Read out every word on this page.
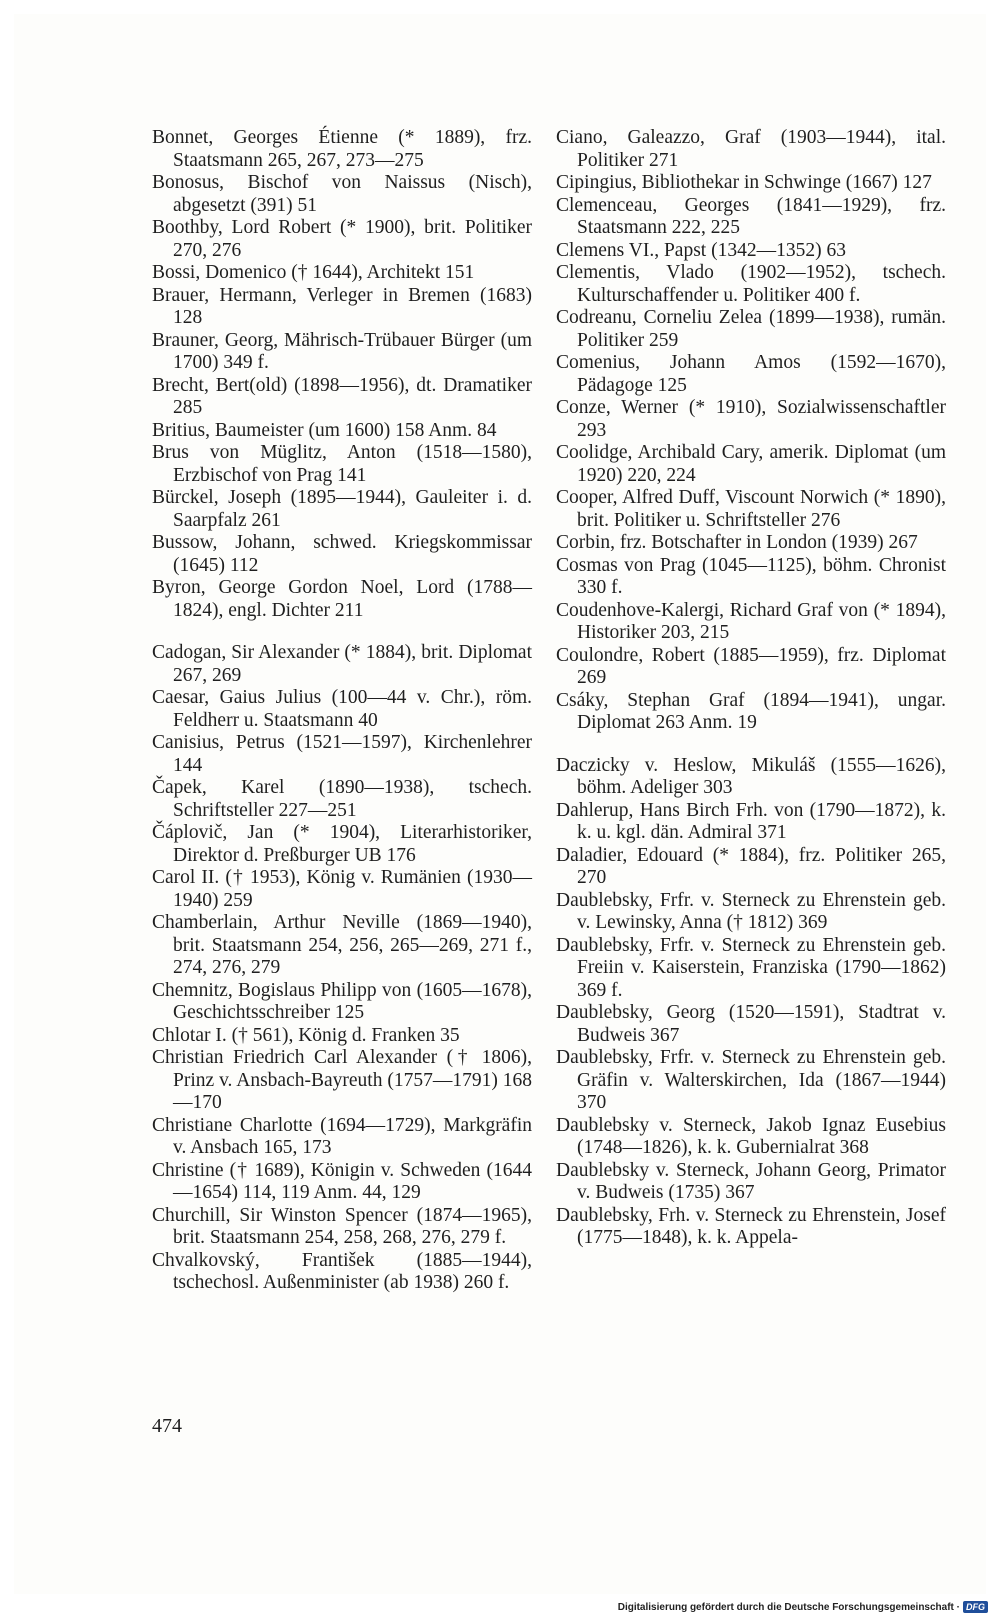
Bonnet, Georges Étienne (* 1889), frz. Staatsmann 265, 267, 273—275

Bonosus, Bischof von Naissus (Nisch), abgesetzt (391) 51

Boothby, Lord Robert (* 1900), brit. Politiker 270, 276

Bossi, Domenico († 1644), Architekt 151

Brauer, Hermann, Verleger in Bremen (1683) 128

Brauner, Georg, Mährisch-Trübauer Bürger (um 1700) 349 f.

Brecht, Bert(old) (1898—1956), dt. Dramatiker 285

Britius, Baumeister (um 1600) 158 Anm. 84

Brus von Müglitz, Anton (1518—1580), Erzbischof von Prag 141

Bürckel, Joseph (1895—1944), Gauleiter i. d. Saarpfalz 261

Bussow, Johann, schwed. Kriegskommissar (1645) 112

Byron, George Gordon Noel, Lord (1788—1824), engl. Dichter 211

Cadogan, Sir Alexander (* 1884), brit. Diplomat 267, 269

Caesar, Gaius Julius (100—44 v. Chr.), röm. Feldherr u. Staatsmann 40

Canisius, Petrus (1521—1597), Kirchenlehrer 144

Čapek, Karel (1890—1938), tschech. Schriftsteller 227—251

Čáplovič, Jan (* 1904), Literarhistoriker, Direktor d. Preßburger UB 176

Carol II. († 1953), König v. Rumänien (1930—1940) 259

Chamberlain, Arthur Neville (1869—1940), brit. Staatsmann 254, 256, 265—269, 271 f., 274, 276, 279

Chemnitz, Bogislaus Philipp von (1605—1678), Geschichtsschreiber 125

Chlotar I. († 561), König d. Franken 35

Christian Friedrich Carl Alexander († 1806), Prinz v. Ansbach-Bayreuth (1757—1791) 168—170

Christiane Charlotte (1694—1729), Markgräfin v. Ansbach 165, 173

Christine († 1689), Königin v. Schweden (1644—1654) 114, 119 Anm. 44, 129

Churchill, Sir Winston Spencer (1874—1965), brit. Staatsmann 254, 258, 268, 276, 279 f.

Chvalkovský, František (1885—1944), tschechosl. Außenminister (ab 1938) 260 f.

Ciano, Galeazzo, Graf (1903—1944), ital. Politiker 271

Cipingius, Bibliothekar in Schwinge (1667) 127

Clemenceau, Georges (1841—1929), frz. Staatsmann 222, 225

Clemens VI., Papst (1342—1352) 63

Clementis, Vlado (1902—1952), tschech. Kulturschaffender u. Politiker 400 f.

Codreanu, Corneliu Zelea (1899—1938), rumän. Politiker 259

Comenius, Johann Amos (1592—1670), Pädagoge 125

Conze, Werner (* 1910), Sozialwissenschaftler 293

Coolidge, Archibald Cary, amerik. Diplomat (um 1920) 220, 224

Cooper, Alfred Duff, Viscount Norwich (* 1890), brit. Politiker u. Schriftsteller 276

Corbin, frz. Botschafter in London (1939) 267

Cosmas von Prag (1045—1125), böhm. Chronist 330 f.

Coudenhove-Kalergi, Richard Graf von (* 1894), Historiker 203, 215

Coulondre, Robert (1885—1959), frz. Diplomat 269

Csáky, Stephan Graf (1894—1941), ungar. Diplomat 263 Anm. 19

Daczicky v. Heslow, Mikuláš (1555—1626), böhm. Adeliger 303

Dahlerup, Hans Birch Frh. von (1790—1872), k. k. u. kgl. dän. Admiral 371

Daladier, Edouard (* 1884), frz. Politiker 265, 270

Daublebsky, Frfr. v. Sterneck zu Ehrenstein geb. v. Lewinsky, Anna († 1812) 369

Daublebsky, Frfr. v. Sterneck zu Ehrenstein geb. Freiin v. Kaiserstein, Franziska (1790—1862) 369 f.

Daublebsky, Georg (1520—1591), Stadtrat v. Budweis 367

Daublebsky, Frfr. v. Sterneck zu Ehrenstein geb. Gräfin v. Walterskirchen, Ida (1867—1944) 370

Daublebsky v. Sterneck, Jakob Ignaz Eusebius (1748—1826), k. k. Gubernialrat 368

Daublebsky v. Sterneck, Johann Georg, Primator v. Budweis (1735) 367

Daublebsky, Frh. v. Sterneck zu Ehrenstein, Josef (1775—1848), k. k. Appela-

474
Digitalisierung gefördert durch die Deutsche Forschungsgemeinschaft · DFG
